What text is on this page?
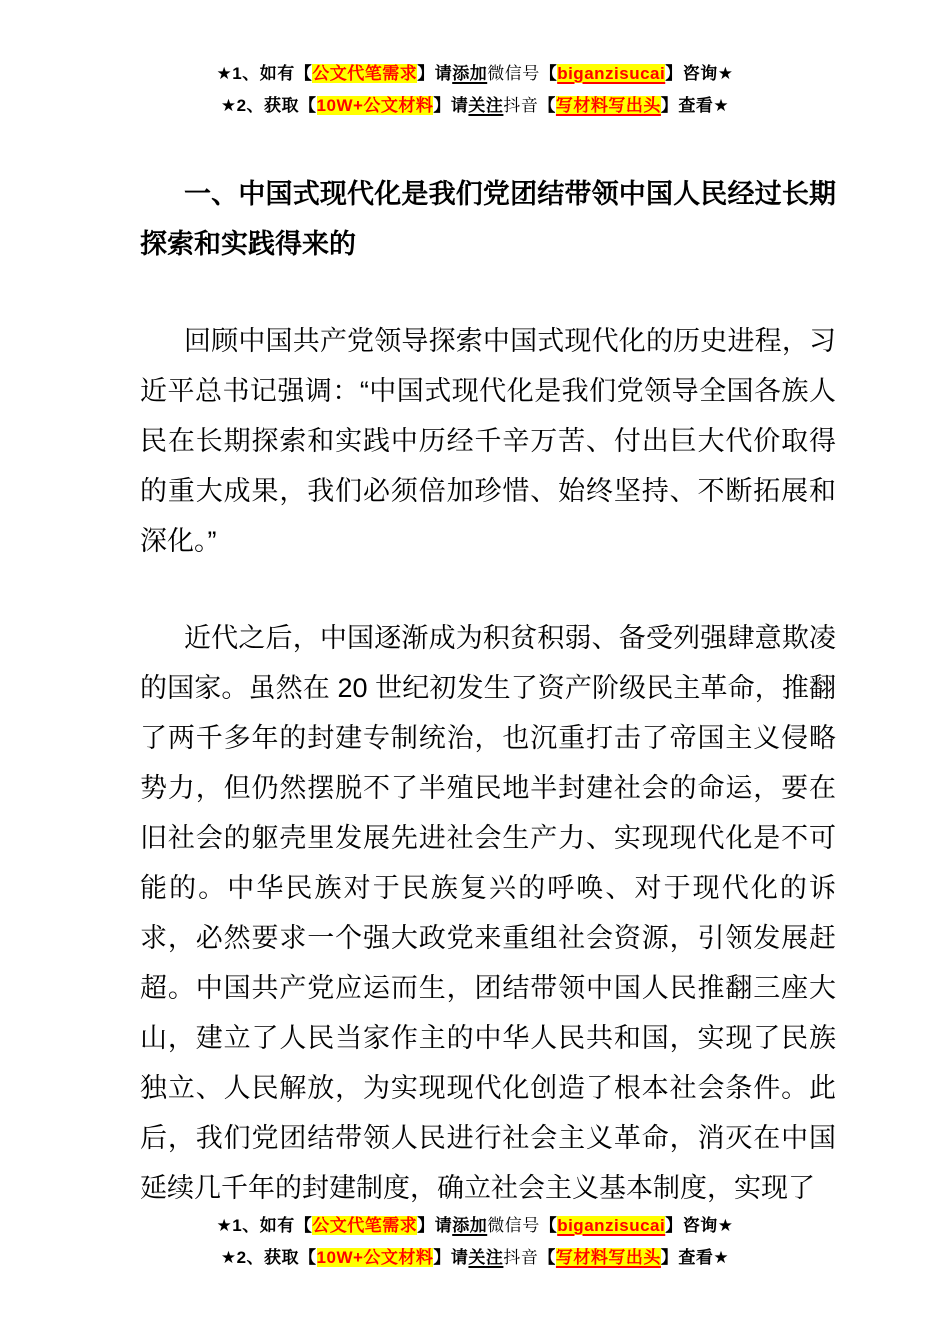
★1、如有【公文代笔需求】请添加微信号【biganzisucai】咨询★
★2、获取【10W+公文材料】请关注抖音【写材料写出头】查看★
一、中国式现代化是我们党团结带领中国人民经过长期探索和实践得来的

回顾中国共产党领导探索中国式现代化的历史进程，习近平总书记强调：“中国式现代化是我们党领导全国各族人民在长期探索和实践中历经千辛万苦、付出巨大代价取得的重大成果，我们必须倍加珍惜、始终坚持、不断拓展和深化。”

近代之后，中国逐渐成为积贫积弱、备受列强肆意欺凌的国家。虽然在 20 世纪初发生了资产阶级民主革命，推翻了两千多年的封建专制统治，也沉重打击了帝国主义侵略势力，但仍然摆脱不了半殖民地半封建社会的命运，要在旧社会的躯壳里发展先进社会生产力、实现现代化是不可能的。中华民族对于民族复兴的呼唤、对于现代化的诉求，必然要求一个强大政党来重组社会资源，引领发展赶超。中国共产党应运而生，团结带领中国人民推翻三座大山，建立了人民当家作主的中华人民共和国，实现了民族独立、人民解放，为实现现代化创造了根本社会条件。此后，我们党团结带领人民进行社会主义革命，消灭在中国延续几千年的封建制度，确立社会主义基本制度，实现了

★1、如有【公文代笔需求】请添加微信号【biganzisucai】咨询★
★2、获取【10W+公文材料】请关注抖音【写材料写出头】查看★
